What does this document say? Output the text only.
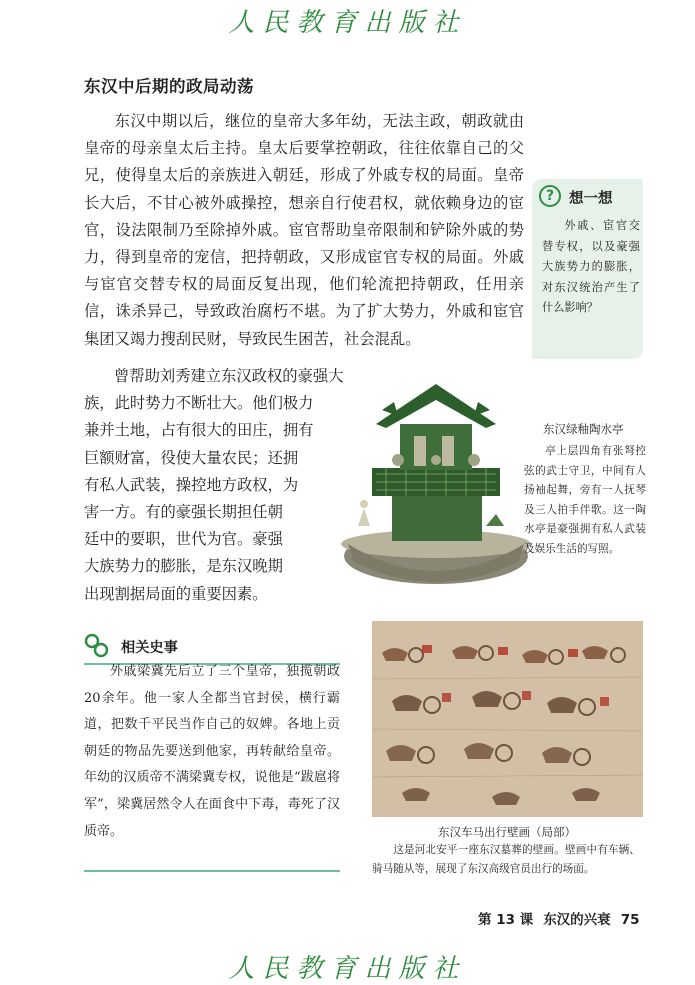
人民教育出版社
东汉中后期的政局动荡

东汉中期以后，继位的皇帝大多年幼，无法主政，朝政就由皇帝的母亲皇太后主持。皇太后要掌控朝政，往往依靠自己的父兄，使得皇太后的亲族进入朝廷，形成了外戚专权的局面。皇帝长大后，不甘心被外戚操控，想亲自行使君权，就依赖身边的宦官，设法限制乃至除掉外戚。宦官帮助皇帝限制和铲除外戚的势力，得到皇帝的宠信，把持朝政，又形成宦官专权的局面。外戚与宦官交替专权的局面反复出现，他们轮流把持朝政，任用亲信，诛杀异己，导致政治腐朽不堪。为了扩大势力，外戚和宦官集团又竭力搜刮民财，导致民生困苦，社会混乱。

曾帮助刘秀建立东汉政权的豪强大
族，此时势力不断壮大。他们极力
兼并土地，占有很大的田庄，拥有
巨额财富，役使大量农民；还拥
有私人武装，操控地方政权，为
害一方。有的豪强长期担任朝
廷中的要职，世代为官。豪强
大族势力的膨胀，是东汉晚期
出现割据局面的重要因素。
?	想一想

外戚、宦官交替专权，以及豪强大族势力的膨胀，对东汉统治产生了什么影响？

东汉绿釉陶水亭

亭上层四角有张弩控弦的武士守卫，中间有人扬袖起舞，旁有一人抚琴及三人拍手伴歌。这一陶水亭是豪强拥有私人武装及娱乐生活的写照。

相关史事

外戚梁冀先后立了三个皇帝，独揽朝政20余年。他一家人全都当官封侯，横行霸道，把数千平民当作自己的奴婢。各地上贡朝廷的物品先要送到他家，再转献给皇帝。年幼的汉质帝不满梁冀专权，说他是“跋扈将军”，梁冀居然令人在面食中下毒，毒死了汉质帝。	东汉车马出行壁画（局部）

这是河北安平一座东汉墓葬的壁画。壁画中有车辆、骑马随从等，展现了东汉高级官员出行的场面。

第 13 课 东汉的兴衰 75
人民教育出版社
